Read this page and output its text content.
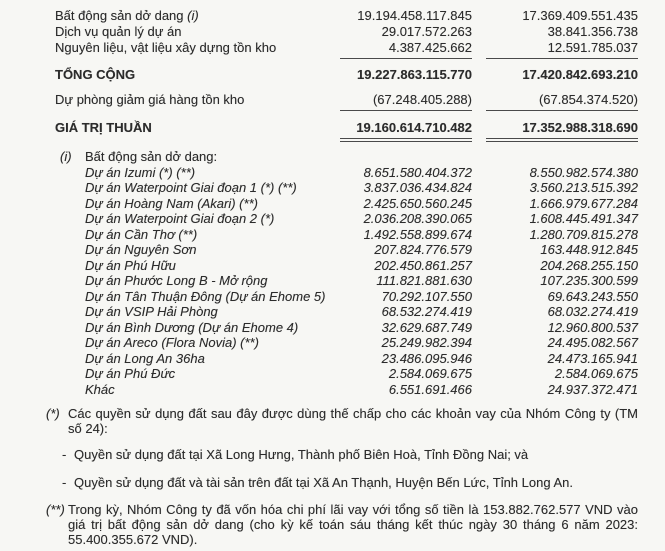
Bất động sản dở dang (i)	19.194.458.117.845	17.369.409.551.435
Dịch vụ quản lý dự án	29.017.572.263	38.841.356.738
Nguyên liệu, vật liệu xây dựng tồn kho	4.387.425.662	12.591.785.037
TỔNG CỘNG	19.227.863.115.770	17.420.842.693.210
Dự phòng giảm giá hàng tồn kho	(67.248.405.288)	(67.854.374.520)
GIÁ TRỊ THUẦN	19.160.614.710.482	17.352.988.318.690
(i)	Bất động sản dở dang:
Dự án Izumi (*) (**)	8.651.580.404.372	8.550.982.574.380
Dự án Waterpoint Giai đoạn 1 (*) (**)	3.837.036.434.824	3.560.213.515.392
Dự án Hoàng Nam (Akari) (**)	2.425.650.560.245	1.666.979.677.284
Dự án Waterpoint Giai đoạn 2 (*)	2.036.208.390.065	1.608.445.491.347
Dự án Cần Thơ (**)	1.492.558.899.674	1.280.709.815.278
Dự án Nguyên Sơn	207.824.776.579	163.448.912.845
Dự án Phú Hữu	202.450.861.257	204.268.255.150
Dự án Phước Long B - Mở rộng	111.821.881.630	107.235.300.599
Dự án Tân Thuận Đông (Dự án Ehome 5)	70.292.107.550	69.643.243.550
Dự án VSIP Hải Phòng	68.532.274.419	68.032.274.419
Dự án Bình Dương (Dự án Ehome 4)	32.629.687.749	12.960.800.537
Dự án Areco (Flora Novia) (**)	25.249.982.394	24.495.082.567
Dự án Long An 36ha	23.486.095.946	24.473.165.941
Dự án Phú Đức	2.584.069.675	2.584.069.675
Khác	6.551.691.466	24.937.372.471
(*) Các quyền sử dụng đất sau đây được dùng thế chấp cho các khoản vay của Nhóm Công ty (TM số 24):
- Quyền sử dụng đất tại Xã Long Hưng, Thành phố Biên Hoà, Tỉnh Đồng Nai; và
- Quyền sử dụng đất và tài sản trên đất tại Xã An Thạnh, Huyện Bến Lức, Tỉnh Long An.
(**) Trong kỳ, Nhóm Công ty đã vốn hóa chi phí lãi vay với tổng số tiền là 153.882.762.577 VND vào giá trị bất động sản dở dang (cho kỳ kế toán sáu tháng kết thúc ngày 30 tháng 6 năm 2023: 55.400.355.672 VND).
